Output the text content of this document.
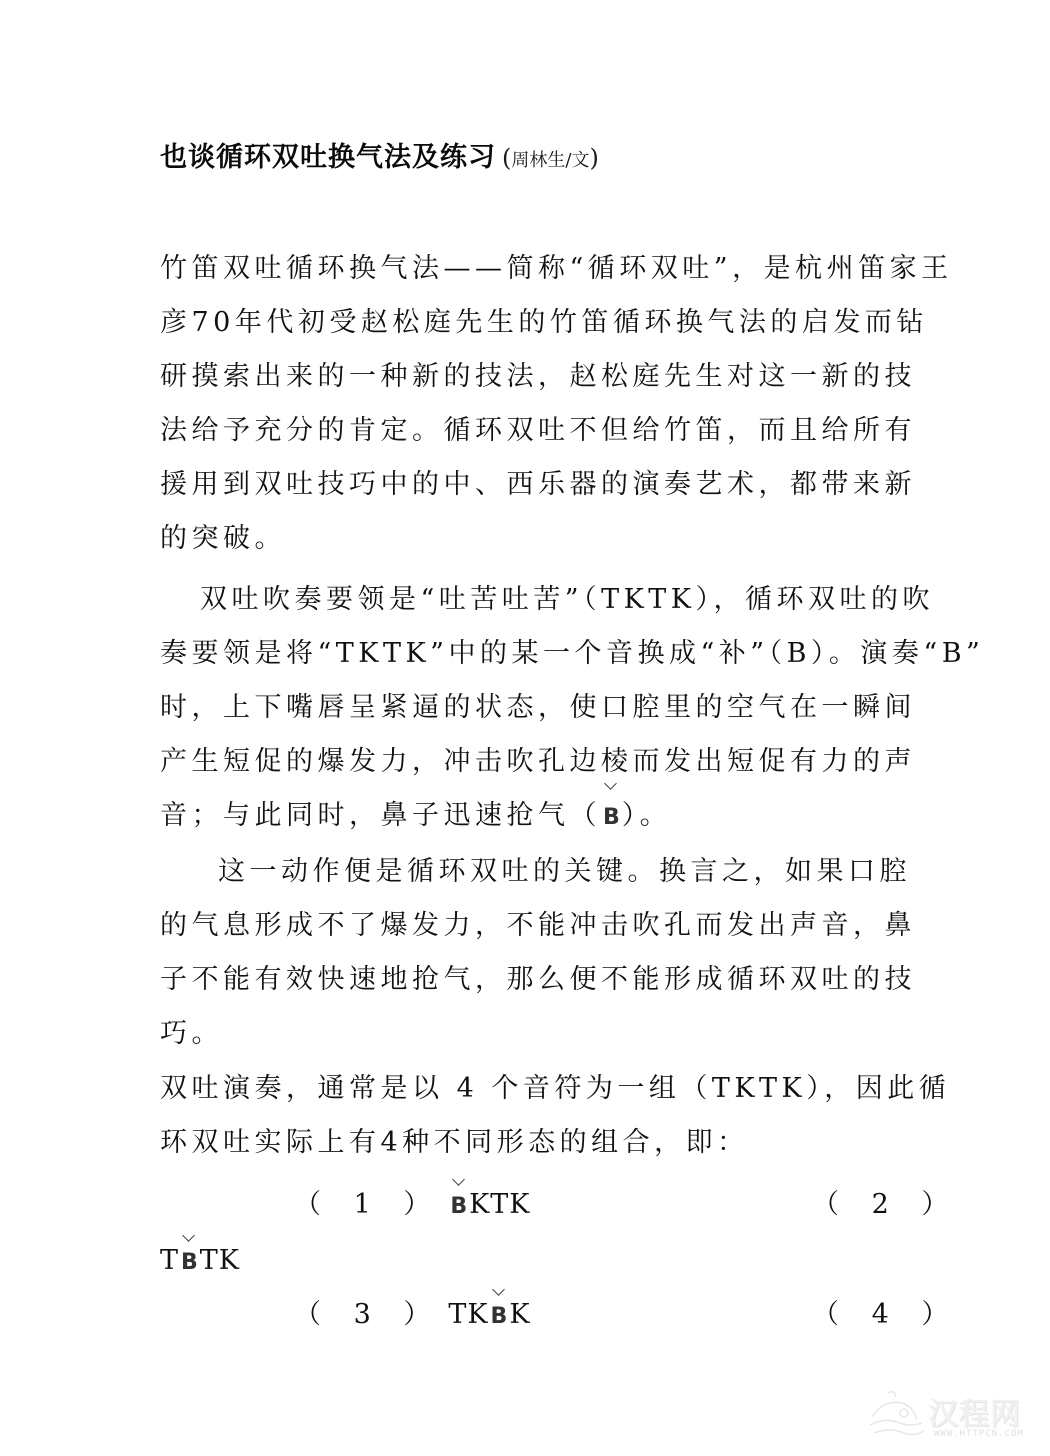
也谈循环双吐换气法及练习 (周林生/文)
竹笛双吐循环换气法——简称“循环双吐”，是杭州笛家王
彦70年代初受赵松庭先生的竹笛循环换气法的启发而钻
研摸索出来的一种新的技法，赵松庭先生对这一新的技
法给予充分的肯定。循环双吐不但给竹笛，而且给所有
援用到双吐技巧中的中、西乐器的演奏艺术，都带来新
的突破。
双吐吹奏要领是“吐苦吐苦”（TKTK），循环双吐的吹
奏要领是将“TKTK”中的某一个音换成“补”（B）。演奏“B”
时，上下嘴唇呈紧逼的状态，使口腔里的空气在一瞬间
产生短促的爆发力，冲击吹孔边棱而发出短促有力的声
音；与此同时，鼻子迅速抢气（B）。
这一动作便是循环双吐的关键。换言之，如果口腔
的气息形成不了爆发力，不能冲击吹孔而发出声音，鼻
子不能有效快速地抢气，那么便不能形成循环双吐的技
巧。
双吐演奏，通常是以 4 个音符为一组（TKTK），因此循
环双吐实际上有4种不同形态的组合，即：
（ 1 ） BKTK	（ 2 ）
TBTK
（ 3 ） TKBK	（ 4 ）
汉程网
WWW.HTTPCN.COM
